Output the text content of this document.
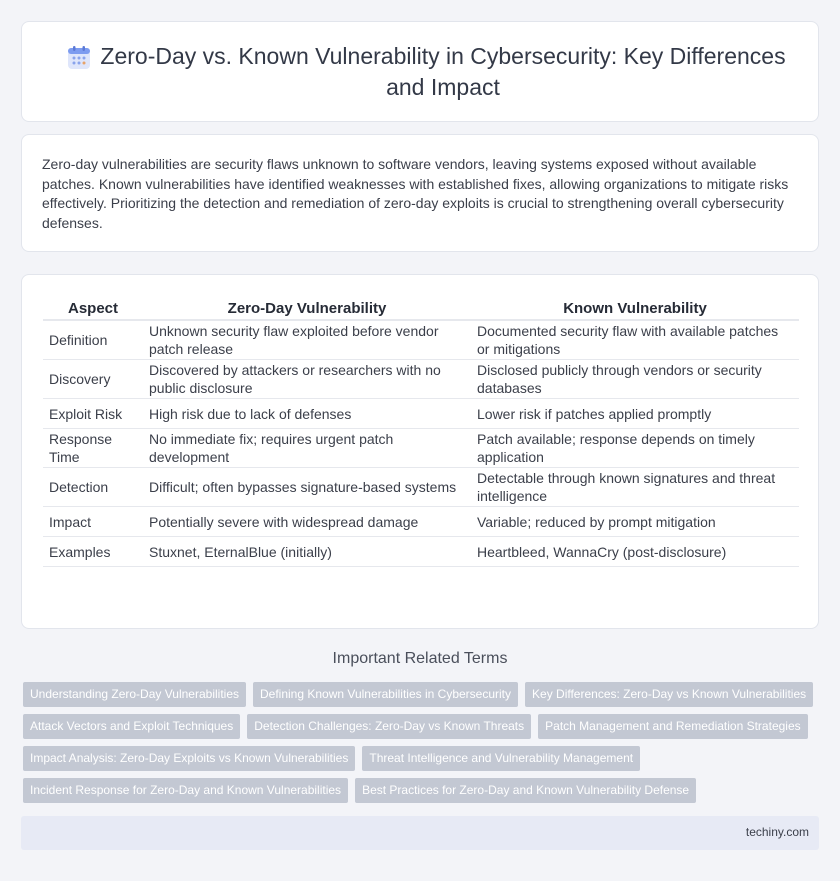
Zero-Day vs. Known Vulnerability in Cybersecurity: Key Differences and Impact

Zero-day vulnerabilities are security flaws unknown to software vendors, leaving systems exposed without available patches. Known vulnerabilities have identified weaknesses with established fixes, allowing organizations to mitigate risks effectively. Prioritizing the detection and remediation of zero-day exploits is crucial to strengthening overall cybersecurity defenses.

Aspect	Zero-Day Vulnerability	Known Vulnerability
Definition	Unknown security flaw exploited before vendor patch release	Documented security flaw with available patches or mitigations
Discovery	Discovered by attackers or researchers with no public disclosure	Disclosed publicly through vendors or security databases
Exploit Risk	High risk due to lack of defenses	Lower risk if patches applied promptly
Response Time	No immediate fix; requires urgent patch development	Patch available; response depends on timely application
Detection	Difficult; often bypasses signature-based systems	Detectable through known signatures and threat intelligence
Impact	Potentially severe with widespread damage	Variable; reduced by prompt mitigation
Examples	Stuxnet, EternalBlue (initially)	Heartbleed, WannaCry (post-disclosure)
Important Related Terms
Understanding Zero-Day Vulnerabilities	Defining Known Vulnerabilities in Cybersecurity	Key Differences: Zero-Day vs Known Vulnerabilities
Attack Vectors and Exploit Techniques	Detection Challenges: Zero-Day vs Known Threats	Patch Management and Remediation Strategies
Impact Analysis: Zero-Day Exploits vs Known Vulnerabilities	Threat Intelligence and Vulnerability Management
Incident Response for Zero-Day and Known Vulnerabilities	Best Practices for Zero-Day and Known Vulnerability Defense
techiny.com
